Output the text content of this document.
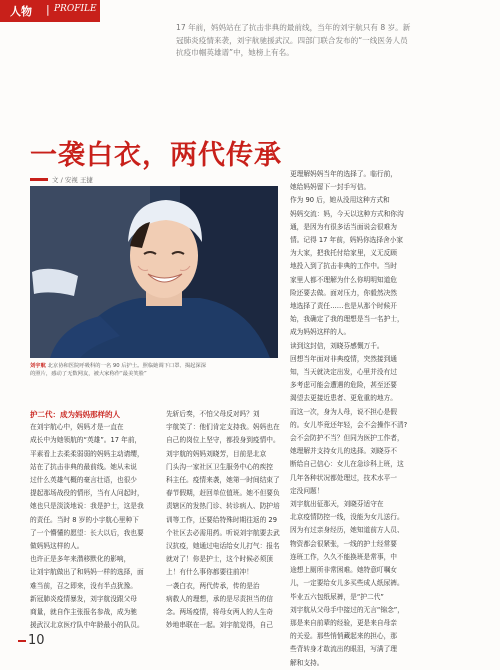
人物 | PROFILE
17 年前，妈妈站在了抗击非典的最前线，当年的刘宇航只有 8 岁。新
冠肺炎疫情来袭，刘宇航驰援武汉。四部门联合发布的“一线医务人员
抗疫巾帼英雄谱”中，她榜上有名。
一袭白衣，两代传承
文 / 安视 王捷
刘宇航 北京协和医院呼吸科的一名 90 后护士。照临她调下口罩、揭起深深
的照片，感动了无数网友，被大家称作“最美笑脸”
护二代：成为妈妈那样的人
在刘宇航心中，妈妈才是一直在
成长中为她领航的“英雄”。17 年前，
平素看上去柔柔弱弱的妈妈主动请缨，
站在了抗击非典的最前线。她从未说
过什么英雄气概的豪言壮语，也很少
提起那场战役的情形，当有人问起时，
她也只是淡淡地说：我是护士，这是我
的责任。当时 8 岁的小宇航心里种下
了一个懵懂的愿望：长大以后，我也要
做妈妈这样的人。
也许正是多年来潜移默化的影响，
让刘宇航做出了和妈妈一样的选择，面
难当前，召之即来，没有半点犹豫。
新冠肺炎疫情暴发，刘宇航没跟父母
商量，就自作主张报名参战，成为驰
援武汉北京医疗队中年龄最小的队员。
先斩后奏，不怕父母反对吗？刘
宇航笑了：他们肯定支持我。妈妈也在
自己的岗位上坚守，都投身到疫情中。
刘宇航的妈妈刘晓芳，目前是北京
门头沟一家社区卫生服务中心的疾控
科主任。疫情来袭，她第一时间结束了
春节假期，赶回单位值班。她不但要负
责辖区的发热门诊、转诊病人、防护培
训等工作，还要给特殊时期往返的 29
个社区去必需用药。听说刘宇航要去武
汉抗疫，她通过电话给女儿打气：报名
就对了！你是护士，这个时候必须顶
上！有什么事你都要往前冲！
一袭白衣，两代传承，传的是治
病救人的理想，承的是尽责担当的信
念。两场疫情，将母女两人的人生奇
妙地串联在一起。刘宇航觉得，自己
更理解妈妈当年的选择了。临行前，
她给妈妈留下一封手写信。
作为 90 后，她从没用这种方式和
妈妈交流：妈，今天以这种方式和你沟
通，是因为有很多话当面说会很难为
情。记得 17 年前，妈妈你选择舍小家
为大家，把我托付给家里，义无反顾
地投入到了抗击非典的工作中。当时
家里人都不理解为什么你明明知道危
险还要去做。面对压力，你毅然决然
地选择了责任……也是从那个时候开
始，我确定了我的理想是当一名护士，
成为妈妈这样的人。
读到这封信，刘晓芬感慨万千。
回想当年面对非典疫情，突然接到通
知，当天就决定出发，心里并没有过
多考虑可能会遭遇的危险，甚至还要
渴望去更接近患者、更危重的地方。
而这一次，身为人母，说不担心是假
的。女儿毕竟还年轻，会不会操作不清?
会不会防护不当？但同为医护工作者，
她理解并支持女儿的选择。刘晓芬不
断给自己信心：女儿在急诊科上班，这
几年各种状况都处理过，技术水平一
定没问题！
刘宇航出征那天，刘晓芬适守在
北京疫情防控一线，没能为女儿送行。
因为有过亲身经历，她知道前方人员、
物资都会很紧张，一线的护士经常要
连班工作，久久不能换班是常事，中
途想上厕所非常困难。她特意叮嘱女
儿，一定要给女儿多买些成人纸尿裤。
毕业五六包纸尿裤，是“护二代”
刘宇航从父母手中接过的无言“锦念”，
那是来自前辈的经验，更是来自母亲
的关爱。那些悄悄藏起来的担心，那
些背转身才敢流出的眼泪，写满了理
解和支持。
10
